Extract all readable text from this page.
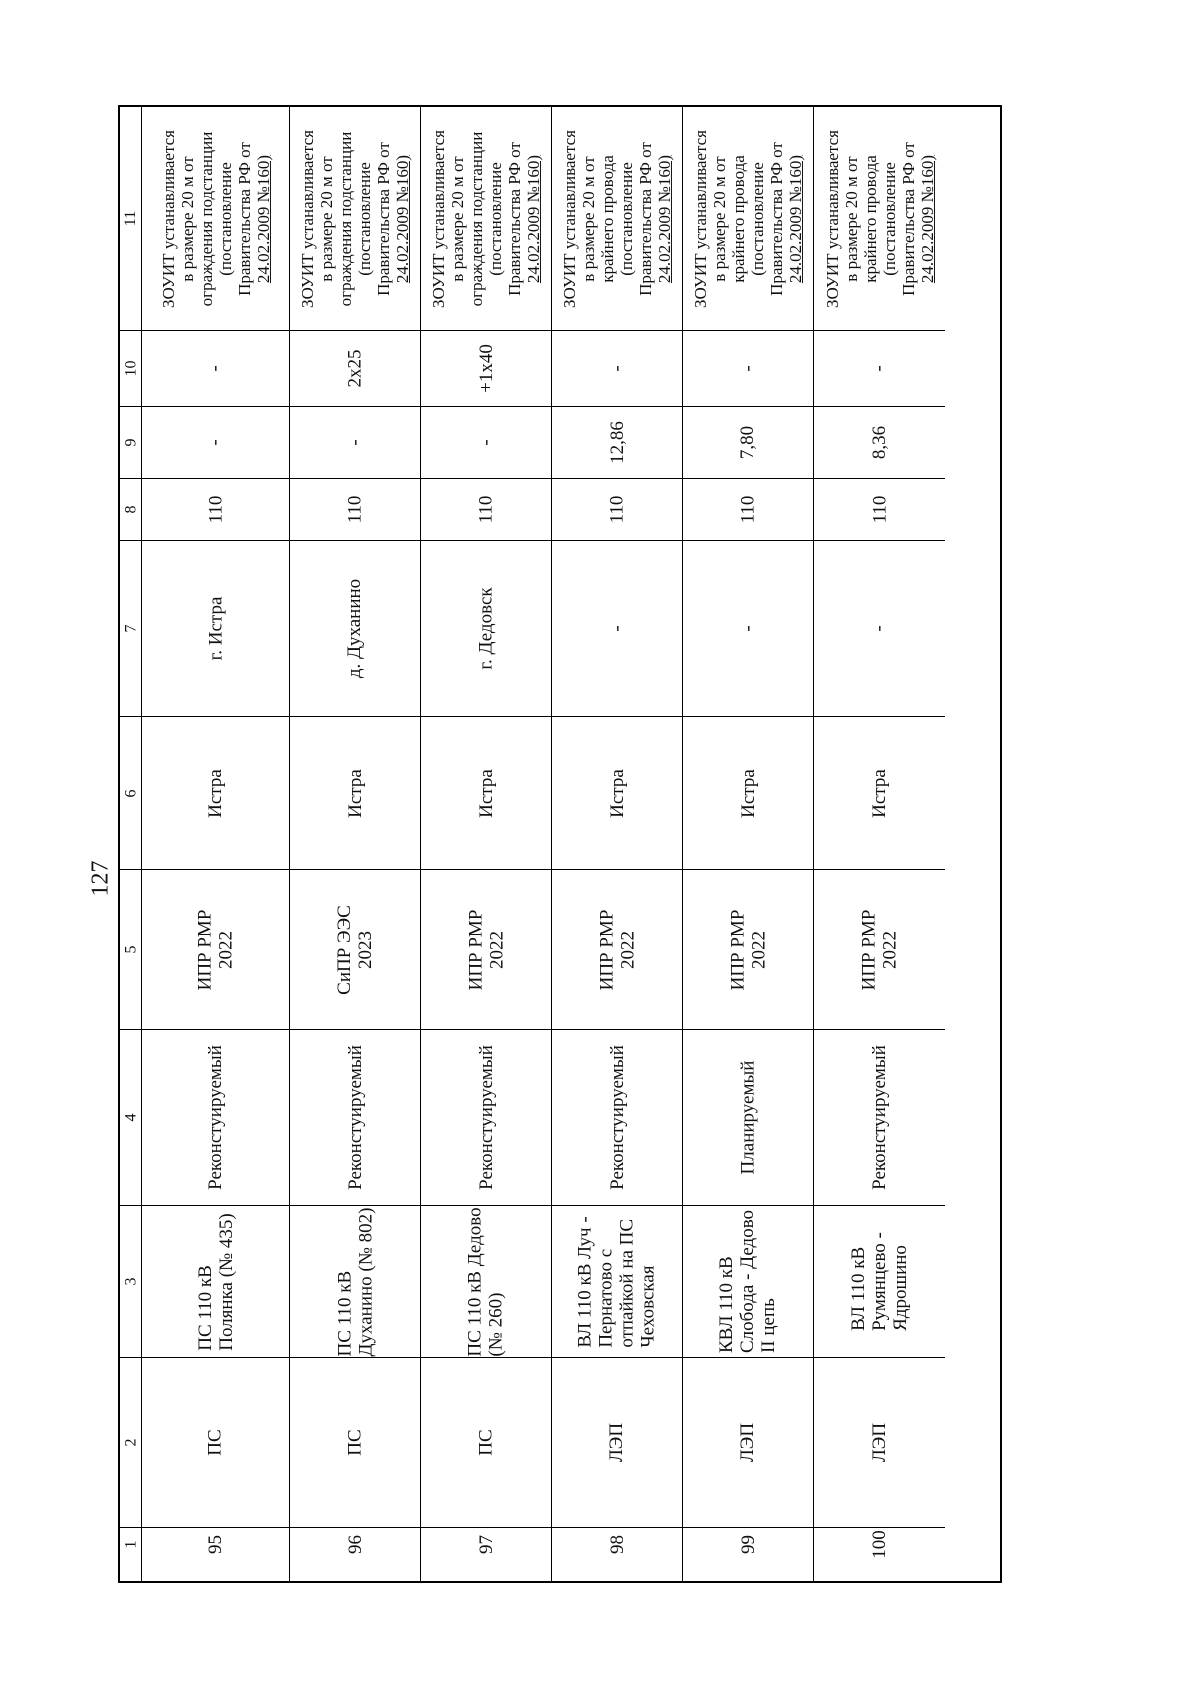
127
11
10
9
8
7
6
5
4
3
2
1
ЗОУИТ устанавливается в размере 20 м от ограждения подстанции (постановление Правительства РФ от 24.02.2009 №160)
-
-
110
г. Истра
Истра
ИПР РМР 2022
Реконстуируемый
ПС 110 кВ Полянка (№ 435)
ПС
95
ЗОУИТ устанавливается в размере 20 м от ограждения подстанции (постановление Правительства РФ от 24.02.2009 №160)
2x25
-
110
д. Духанино
Истра
СиПР ЭЭС 2023
Реконстуируемый
ПС 110 кВ Духанино (№ 802)
ПС
96
ЗОУИТ устанавливается в размере 20 м от ограждения подстанции (постановление Правительства РФ от 24.02.2009 №160)
+1x40
-
110
г. Дедовск
Истра
ИПР РМР 2022
Реконстуируемый
ПС 110 кВ Дедово (№ 260)
ПС
97
ЗОУИТ устанавливается в размере 20 м от крайнего провода (постановление Правительства РФ от 24.02.2009 №160)
-
12,86
110
-
Истра
ИПР РМР 2022
Реконстуируемый
ВЛ 110 кВ Луч - Пернатово с отпайкой на ПС Чеховская
ЛЭП
98
ЗОУИТ устанавливается в размере 20 м от крайнего провода (постановление Правительства РФ от 24.02.2009 №160)
-
7,80
110
-
Истра
ИПР РМР 2022
Планируемый
КВЛ 110 кВ Слобода - Дедово II цепь
ЛЭП
99
ЗОУИТ устанавливается в размере 20 м от крайнего провода (постановление Правительства РФ от 24.02.2009 №160)
-
8,36
110
-
Истра
ИПР РМР 2022
Реконстуируемый
ВЛ 110 кВ Румянцево - Ядрошино
ЛЭП
100
